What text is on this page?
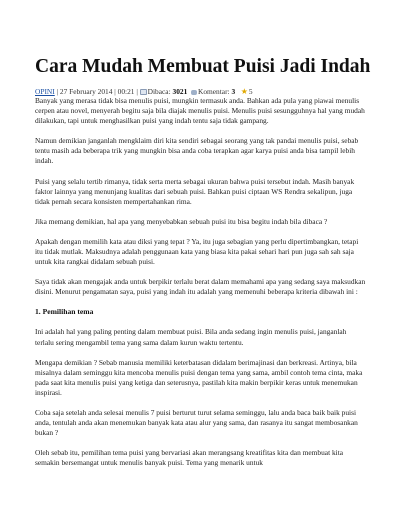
Cara Mudah Membuat Puisi Jadi Indah
OPINI | 27 February 2014 | 00:21 | Dibaca: 3021 Komentar: 3 ★5

Banyak yang merasa tidak bisa menulis puisi, mungkin termasuk anda. Bahkan ada pula yang piawai menulis cerpen atau novel, menyerah begitu saja bila diajak menulis puisi. Menulis puisi sesungguhnya hal yang mudah dilakukan, tapi untuk menghasilkan puisi yang indah tentu saja tidak gampang.

Namun demikian janganlah mengklaim diri kita sendiri sebagai seorang yang tak pandai menulis puisi, sebab tentu masih ada beberapa trik yang mungkin bisa anda coba terapkan agar karya puisi anda bisa tampil lebih indah.

Puisi yang selalu tertib rimanya, tidak serta merta sebagai ukuran bahwa puisi tersebut indah. Masih banyak faktor lainnya yang menunjang kualitas dari sebuah puisi. Bahkan puisi ciptaan WS Rendra sekalipun, juga tidak pernah secara konsisten mempertahankan rima.

Jika memang demikian, hal apa yang menyebabkan sebuah puisi itu bisa begitu indah bila dibaca ?

Apakah dengan memilih kata atau diksi yang tepat ? Ya, itu juga sebagian yang perlu dipertimbangkan, tetapi itu tidak mutlak. Maksudnya adalah penggunaan kata yang biasa kita pakai sehari hari pun juga sah sah saja untuk kita rangkai didalam sebuah puisi.

Saya tidak akan mengajak anda untuk berpikir terlalu berat dalam memahami apa yang sedang saya maksudkan disini. Menurut pengamatan saya, puisi yang indah itu adalah yang memenuhi beberapa kriteria dibawah ini :

1. Pemilihan tema

Ini adalah hal yang paling penting dalam membuat puisi. Bila anda sedang ingin menulis puisi, janganlah terlalu sering mengambil tema yang sama dalam kurun waktu tertentu.

Mengapa demikian ? Sebab manusia memiliki keterbatasan didalam berimajinasi dan berkreasi. Artinya, bila misalnya dalam seminggu kita mencoba menulis puisi dengan tema yang sama, ambil contoh tema cinta, maka pada saat kita menulis puisi yang ketiga dan seterusnya, pastilah kita makin berpikir keras untuk menemukan inspirasi.

Coba saja setelah anda selesai menulis 7 puisi berturut turut selama seminggu, lalu anda baca baik baik puisi anda, tentulah anda akan menemukan banyak kata atau alur yang sama, dan rasanya itu sangat membosankan bukan ?

Oleh sebab itu, pemilihan tema puisi yang bervariasi akan merangsang kreatifitas kita dan membuat kita semakin bersemangat untuk menulis banyak puisi. Tema yang menarik untuk
